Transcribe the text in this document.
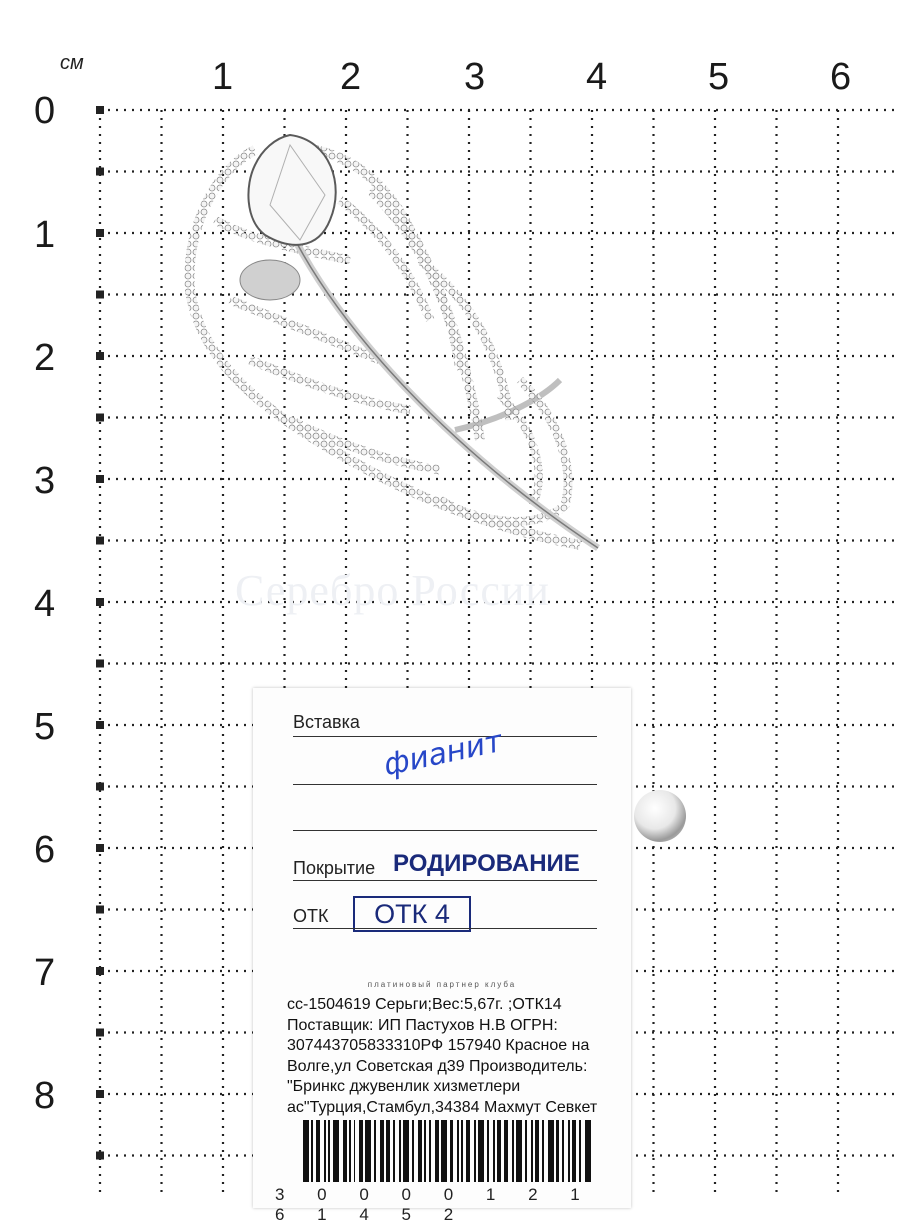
см	1	2	3	4	5	6
0
1
2
3
4
5
6
7
8
Серебро России
Вставка
фианит
Покрытие РОДИРОВАНИЕ
ОТК	ОТК 4
платиновый партнер клуба
сс-1504619 Серьги;Вес:5,67г. ;ОТК14
Поставщик: ИП Пастухов Н.В ОГРН:
307443705833310РФ 157940 Красное на
Волге,ул Советская д39 Производитель:
"Бринкс джувенлик хизметлери
ас"Турция,Стамбул,34384 Махмут Севкет
3 0 0 0 0 1 2 1 6 1 4 5 2
